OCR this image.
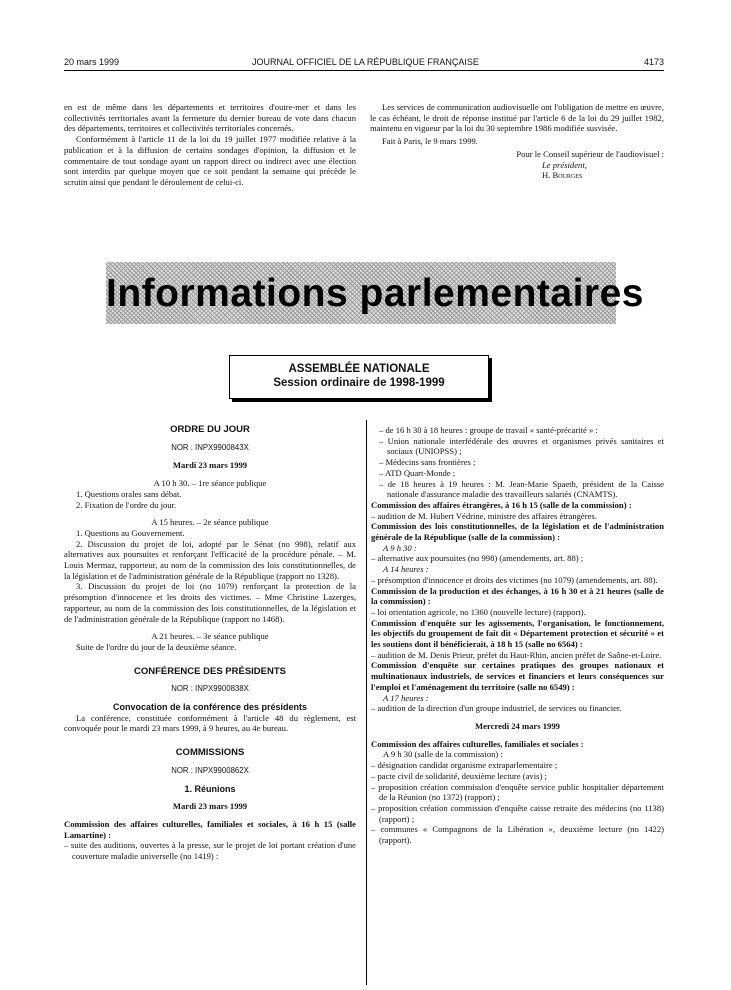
20 mars 1999	JOURNAL OFFICIEL DE LA RÉPUBLIQUE FRANÇAISE	4173

en est de même dans les départements et territoires d'outre-mer et dans les collectivités territoriales avant la fermeture du dernier bureau de vote dans chacun des départements, territoires et collectivités territoriales concernés.

Conformément à l'article 11 de la loi du 19 juillet 1977 modifiée relative à la publication et à la diffusion de certains sondages d'opinion, la diffusion et le commentaire de tout sondage ayant un rapport direct ou indirect avec une élection sont interdits par quelque moyen que ce soit pendant la semaine qui précède le scrutin ainsi que pendant le déroulement de celui-ci.

Les services de communication audiovisuelle ont l'obligation de mettre en œuvre, le cas échéant, le droit de réponse institué par l'article 6 de la loi du 29 juillet 1982, maintenu en vigueur par la loi du 30 septembre 1986 modifiée susvisée.

Fait à Paris, le 9 mars 1999.

Pour le Conseil supérieur de l'audiovisuel :

Le président,

H. Bourges

Informations parlementaires
ASSEMBLÉE NATIONALE
Session ordinaire de 1998-1999

ORDRE DU JOUR

NOR : INPX9900843X

Mardi 23 mars 1999

A 10 h 30. – 1re séance publique

1. Questions orales sans débat.

2. Fixation de l'ordre du jour.

A 15 heures. – 2e séance publique

1. Questions au Gouvernement.

2. Discussion du projet de loi, adopté par le Sénat (no 998), relatif aux alternatives aux poursuites et renforçant l'efficacité de la procédure pénale. – M. Louis Mermaz, rapporteur, au nom de la commission des lois constitutionnelles, de la législation et de l'administration générale de la République (rapport no 1328).

3. Discussion du projet de loi (no 1079) renforçant la protection de la présomption d'innocence et les droits des victimes. – Mme Christine Lazerges, rapporteur, au nom de la commission des lois constitutionnelles, de la législation et de l'administration générale de la République (rapport no 1468).

A 21 heures. – 3e séance publique

Suite de l'ordre du jour de la deuxième séance.

CONFÉRENCE DES PRÉSIDENTS

NOR : INPX9900838X

Convocation de la conférence des présidents

La conférence, constituée conformément à l'article 48 du règlement, est convoquée pour le mardi 23 mars 1999, à 9 heures, au 4e bureau.

COMMISSIONS

NOR : INPX9900862X

1. Réunions

Mardi 23 mars 1999

Commission des affaires culturelles, familiales et sociales, à 16 h 15 (salle Lamartine) :

– suite des auditions, ouvertes à la presse, sur le projet de loi portant création d'une couverture maladie universelle (no 1419) :

– de 16 h 30 à 18 heures : groupe de travail « santé-précarité » :

– Union nationale interfédérale des œuvres et organismes privés sanitaires et sociaux (UNIOPSS) ;

– Médecins sans frontières ;

– ATD Quart-Monde ;

– de 18 heures à 19 heures : M. Jean-Marie Spaeth, président de la Caisse nationale d'assurance maladie des travailleurs salariés (CNAMTS).

Commission des affaires étrangères, à 16 h 15 (salle de la commission) :

– audition de M. Hubert Védrine, ministre des affaires étrangères.

Commission des lois constitutionnelles, de la législation et de l'administration générale de la République (salle de la commission) :

A 9 h 30 :

– alternative aux poursuites (no 998) (amendements, art. 88) ;

A 14 heures :

– présomption d'innocence et droits des victimes (no 1079) (amendements, art. 88).

Commission de la production et des échanges, à 16 h 30 et à 21 heures (salle de la commission) :

– loi orientation agricole, no 1360 (nouvelle lecture) (rapport).

Commission d'enquête sur les agissements, l'organisation, le fonctionnement, les objectifs du groupement de fait dit « Département protection et sécurité » et les soutiens dont il bénéficierait, à 18 h 15 (salle no 6564) :

– audition de M. Denis Prieur, préfet du Haut-Rhin, ancien préfet de Saône-et-Loire.

Commission d'enquête sur certaines pratiques des groupes nationaux et multinationaux industriels, de services et financiers et leurs conséquences sur l'emploi et l'aménagement du territoire (salle no 6549) :

A 17 heures :

– audition de la direction d'un groupe industriel, de services ou financier.

Mercredi 24 mars 1999

Commission des affaires culturelles, familiales et sociales :

A 9 h 30 (salle de la commission) :

– désignation candidat organisme extraparlementaire ;

– pacte civil de solidarité, deuxième lecture (avis) ;

– proposition création commission d'enquête service public hospitalier département de la Réunion (no 1372) (rapport) ;

– proposition création commission d'enquête caisse retraite des médecins (no 1138) (rapport) ;

– communes « Compagnons de la Libération », deuxième lecture (no 1422) (rapport).
